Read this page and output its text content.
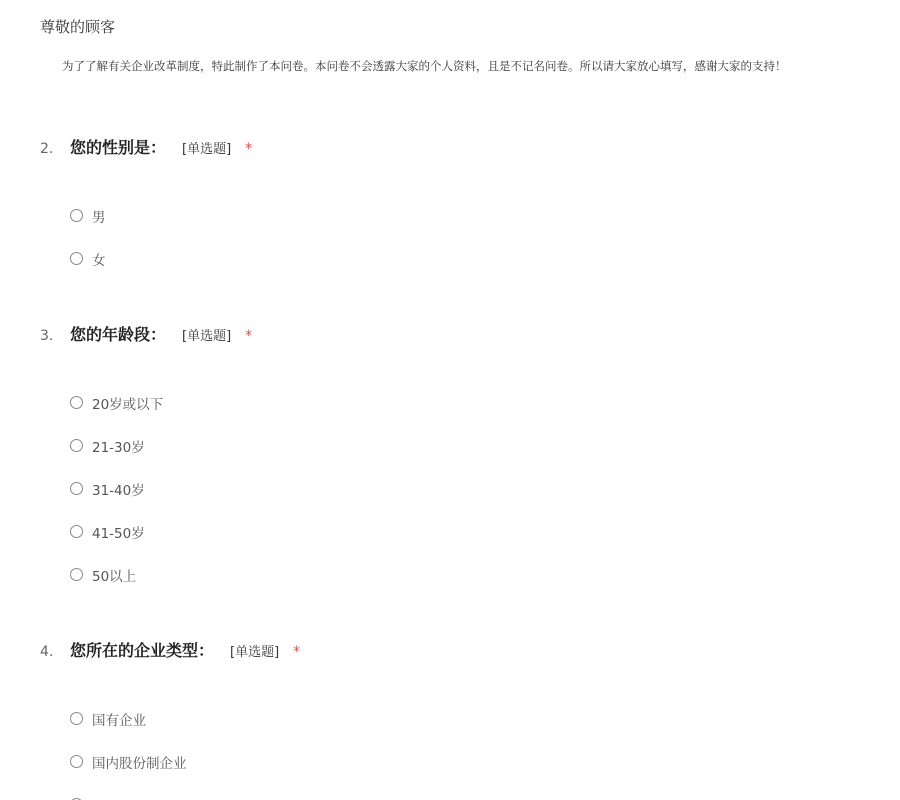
尊敬的顾客
为了了解有关企业改革制度，特此制作了本问卷。本问卷不会透露大家的个人资料，且是不记名问卷。所以请大家放心填写，感谢大家的支持！
2.	您的性别是： [单选题] *
男
女
3.	您的年龄段： [单选题] *
20岁或以下
21-30岁
31-40岁
41-50岁
50以上
4.	您所在的企业类型： [单选题] *
国有企业
国内股份制企业
